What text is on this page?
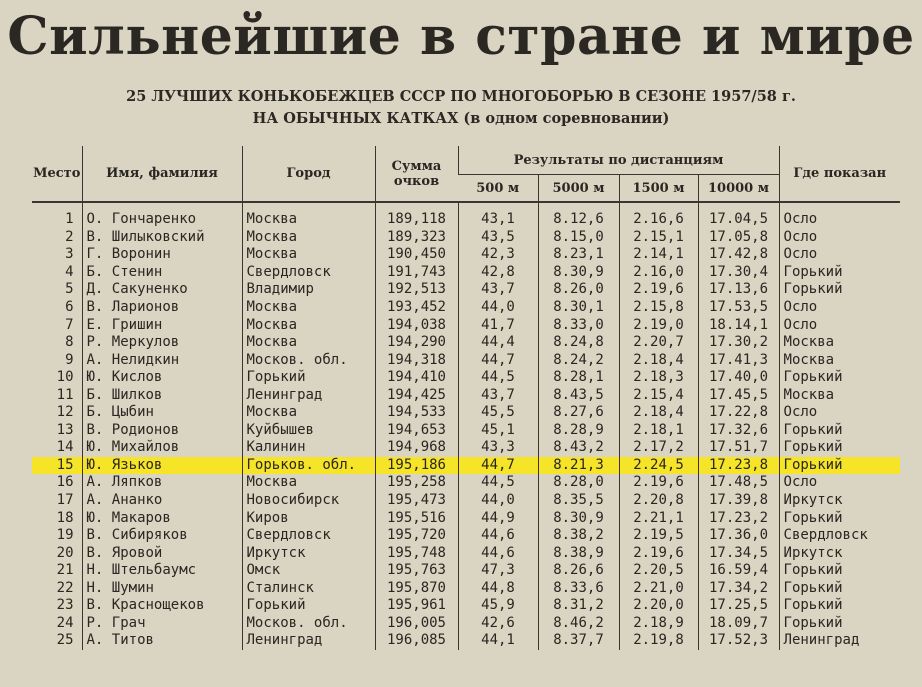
Сильнейшие в стране и мире
25 ЛУЧШИХ КОНЬКОБЕЖЦЕВ СССР ПО МНОГОБОРЬЮ В СЕЗОНЕ 1957/58 г.
НА ОБЫЧНЫХ КАТКАХ (в одном соревновании)
Место	Имя, фамилия	Город	Сумма очков	Результаты по дистанциям				Где показан
				500 м	5000 м	1500 м	10000 м	
1	О. Гончаренко	Москва	189,118	43,1	8.12,6	2.16,6	17.04,5	Осло
2	В. Шилыковский	Москва	189,323	43,5	8.15,0	2.15,1	17.05,8	Осло
3	Г. Воронин	Москва	190,450	42,3	8.23,1	2.14,1	17.42,8	Осло
4	Б. Стенин	Свердловск	191,743	42,8	8.30,9	2.16,0	17.30,4	Горький
5	Д. Сакуненко	Владимир	192,513	43,7	8.26,0	2.19,6	17.13,6	Горький
6	В. Ларионов	Москва	193,452	44,0	8.30,1	2.15,8	17.53,5	Осло
7	Е. Гришин	Москва	194,038	41,7	8.33,0	2.19,0	18.14,1	Осло
8	Р. Меркулов	Москва	194,290	44,4	8.24,8	2.20,7	17.30,2	Москва
9	А. Нелидкин	Москов. обл.	194,318	44,7	8.24,2	2.18,4	17.41,3	Москва
10	Ю. Кислов	Горький	194,410	44,5	8.28,1	2.18,3	17.40,0	Горький
11	Б. Шилков	Ленинград	194,425	43,7	8.43,5	2.15,4	17.45,5	Москва
12	Б. Цыбин	Москва	194,533	45,5	8.27,6	2.18,4	17.22,8	Осло
13	В. Родионов	Куйбышев	194,653	45,1	8.28,9	2.18,1	17.32,6	Горький
14	Ю. Михайлов	Калинин	194,968	43,3	8.43,2	2.17,2	17.51,7	Горький
15	Ю. Язьков	Горьков. обл.	195,186	44,7	8.21,3	2.24,5	17.23,8	Горький
16	А. Ляпков	Москва	195,258	44,5	8.28,0	2.19,6	17.48,5	Осло
17	А. Ананко	Новосибирск	195,473	44,0	8.35,5	2.20,8	17.39,8	Иркутск
18	Ю. Макаров	Киров	195,516	44,9	8.30,9	2.21,1	17.23,2	Горький
19	В. Сибиряков	Свердловск	195,720	44,6	8.38,2	2.19,5	17.36,0	Свердловск
20	В. Яровой	Иркутск	195,748	44,6	8.38,9	2.19,6	17.34,5	Иркутск
21	Н. Штельбаумс	Омск	195,763	47,3	8.26,6	2.20,5	16.59,4	Горький
22	Н. Шумин	Сталинск	195,870	44,8	8.33,6	2.21,0	17.34,2	Горький
23	В. Краснощеков	Горький	195,961	45,9	8.31,2	2.20,0	17.25,5	Горький
24	Р. Грач	Москов. обл.	196,005	42,6	8.46,2	2.18,9	18.09,7	Горький
25	А. Титов	Ленинград	196,085	44,1	8.37,7	2.19,8	17.52,3	Ленинград
